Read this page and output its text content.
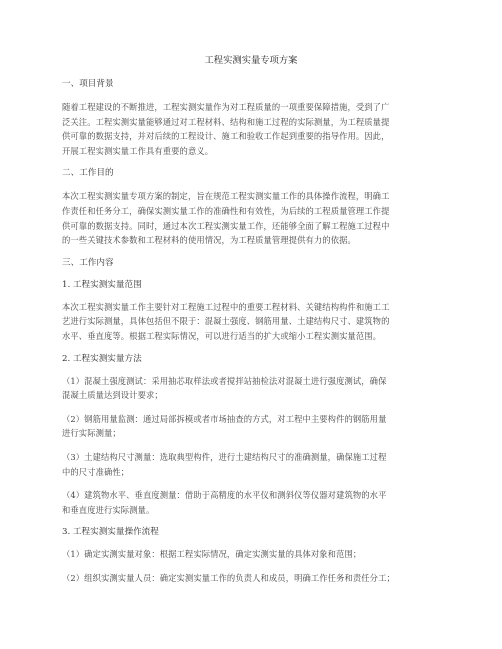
工程实测实量专项方案
一、项目背景
随着工程建设的不断推进，工程实测实量作为对工程质量的一项重要保障措施，受到了广
泛关注。工程实测实量能够通过对工程材料、结构和施工过程的实际测量，为工程质量提
供可靠的数据支持，并对后续的工程设计、施工和验收工作起到重要的指导作用。因此，
开展工程实测实量工作具有重要的意义。
二、工作目的
本次工程实测实量专项方案的制定，旨在规范工程实测实量工作的具体操作流程，明确工
作责任和任务分工，确保实测实量工作的准确性和有效性，为后续的工程质量管理工作提
供可靠的数据支持。同时，通过本次工程实测实量工作，还能够全面了解工程施工过程中
的一些关键技术参数和工程材料的使用情况，为工程质量管理提供有力的依据。
三、工作内容
1. 工程实测实量范围
本次工程实测实量工作主要针对工程施工过程中的重要工程材料、关键结构构件和施工工
艺进行实际测量，具体包括但不限于：混凝土强度、钢筋用量、土建结构尺寸、建筑物的
水平、垂直度等。根据工程实际情况，可以进行适当的扩大或缩小工程实测实量范围。
2. 工程实测实量方法
（1）混凝土强度测试：采用抽芯取样法或者搅拌站抽检法对混凝土进行强度测试，确保
混凝土质量达到设计要求；
（2）钢筋用量监测：通过局部拆模或者市场抽查的方式，对工程中主要构件的钢筋用量
进行实际测量；
（3）土建结构尺寸测量：选取典型构件，进行土建结构尺寸的准确测量，确保施工过程
中的尺寸准确性；
（4）建筑物水平、垂直度测量：借助于高精度的水平仪和测斜仪等仪器对建筑物的水平
和垂直度进行实际测量。
3. 工程实测实量操作流程
（1）确定实测实量对象：根据工程实际情况，确定实测实量的具体对象和范围；
（2）组织实测实量人员：确定实测实量工作的负责人和成员，明确工作任务和责任分工；
